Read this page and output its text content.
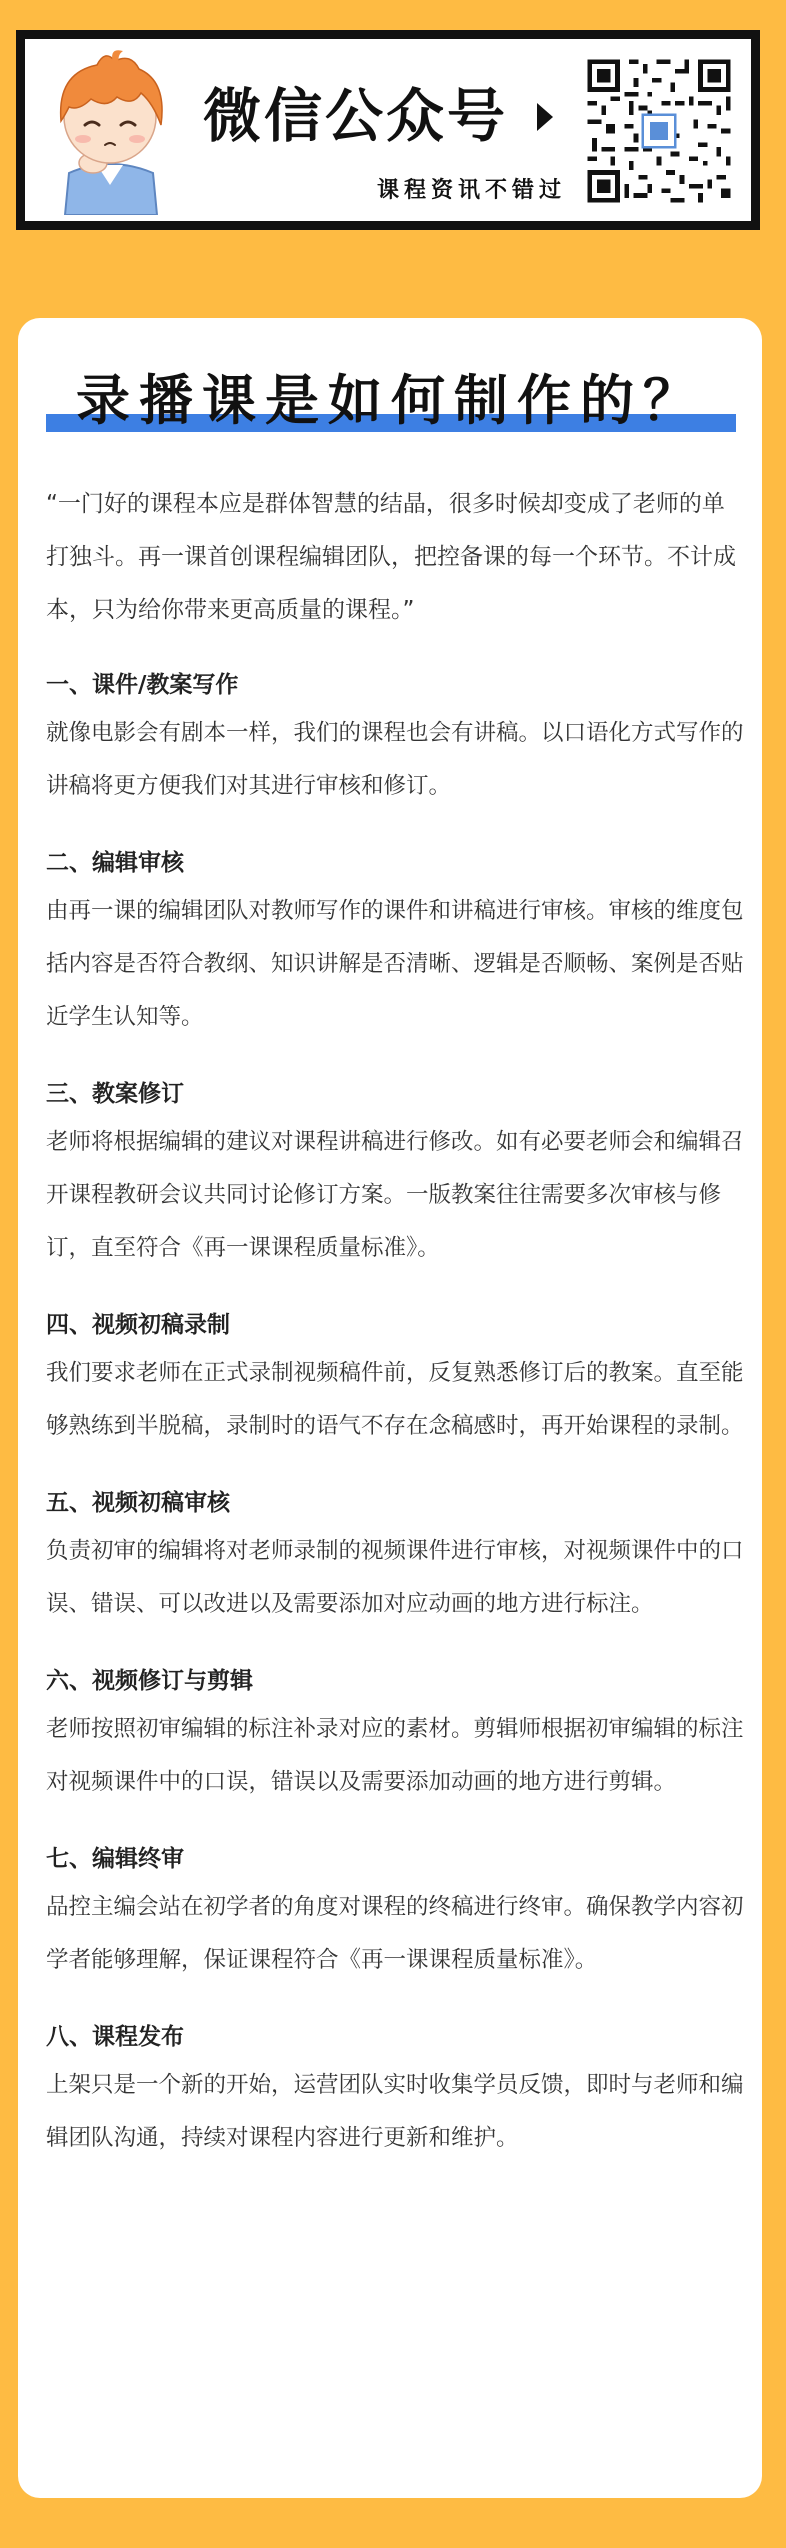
微信公众号
课程资讯不错过
录播课是如何制作的？

“一门好的课程本应是群体智慧的结晶，很多时候却变成了老师的单打独斗。再一课首创课程编辑团队，把控备课的每一个环节。不计成本，只为给你带来更高质量的课程。”

一、课件/教案写作

就像电影会有剧本一样，我们的课程也会有讲稿。以口语化方式写作的讲稿将更方便我们对其进行审核和修订。

二、编辑审核

由再一课的编辑团队对教师写作的课件和讲稿进行审核。审核的维度包括内容是否符合教纲、知识讲解是否清晰、逻辑是否顺畅、案例是否贴近学生认知等。

三、教案修订

老师将根据编辑的建议对课程讲稿进行修改。如有必要老师会和编辑召开课程教研会议共同讨论修订方案。一版教案往往需要多次审核与修订，直至符合《再一课课程质量标准》。

四、视频初稿录制

我们要求老师在正式录制视频稿件前，反复熟悉修订后的教案。直至能够熟练到半脱稿，录制时的语气不存在念稿感时，再开始课程的录制。

五、视频初稿审核

负责初审的编辑将对老师录制的视频课件进行审核，对视频课件中的口误、错误、可以改进以及需要添加对应动画的地方进行标注。

六、视频修订与剪辑

老师按照初审编辑的标注补录对应的素材。剪辑师根据初审编辑的标注对视频课件中的口误，错误以及需要添加动画的地方进行剪辑。

七、编辑终审

品控主编会站在初学者的角度对课程的终稿进行终审。确保教学内容初学者能够理解，保证课程符合《再一课课程质量标准》。

八、课程发布

上架只是一个新的开始，运营团队实时收集学员反馈，即时与老师和编辑团队沟通，持续对课程内容进行更新和维护。
